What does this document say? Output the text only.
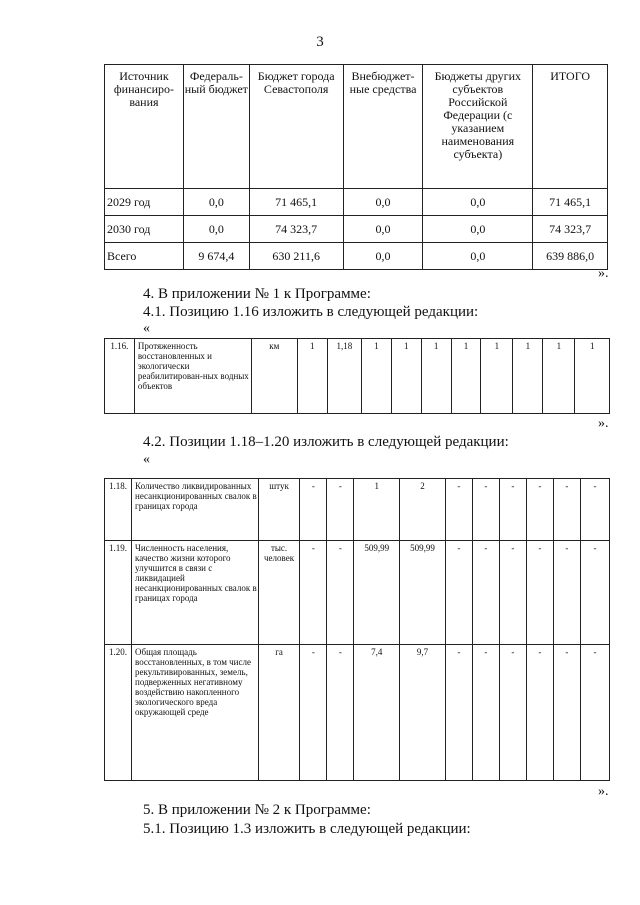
3
Источник финансиро-вания	Федераль-ный бюджет	Бюджет города Севастополя	Внебюджет-ные средства	Бюджеты других субъектов Российской Федерации (с указанием наименования субъекта)	ИТОГО
2029 год	0,0	71 465,1	0,0	0,0	71 465,1
2030 год	0,0	74 323,7	0,0	0,0	74 323,7
Всего	9 674,4	630 211,6	0,0	0,0	639 886,0
».
4. В приложении № 1 к Программе:
4.1. Позицию 1.16 изложить в следующей редакции:
«
1.16.	Протяженность восстановленных и экологически реабилитирован-ных водных объектов	км	1	1,18	1	1	1	1	1	1	1	1
».
4.2. Позиции 1.18–1.20 изложить в следующей редакции:
«
1.18.	Количество ликвидированных несанкционированных свалок в границах города	штук	-	-	1	2	-	-	-	-	-	-
1.19.	Численность населения, качество жизни которого улучшится в связи с ликвидацией несанкционированных свалок в границах города	тыс. человек	-	-	509,99	509,99	-	-	-	-	-	-
1.20.	Общая площадь восстановленных, в том числе рекультивированных, земель, подверженных негативному воздействию накопленного экологического вреда окружающей среде	га	-	-	7,4	9,7	-	-	-	-	-	-
».
5. В приложении № 2 к Программе:
5.1. Позицию 1.3 изложить в следующей редакции:
